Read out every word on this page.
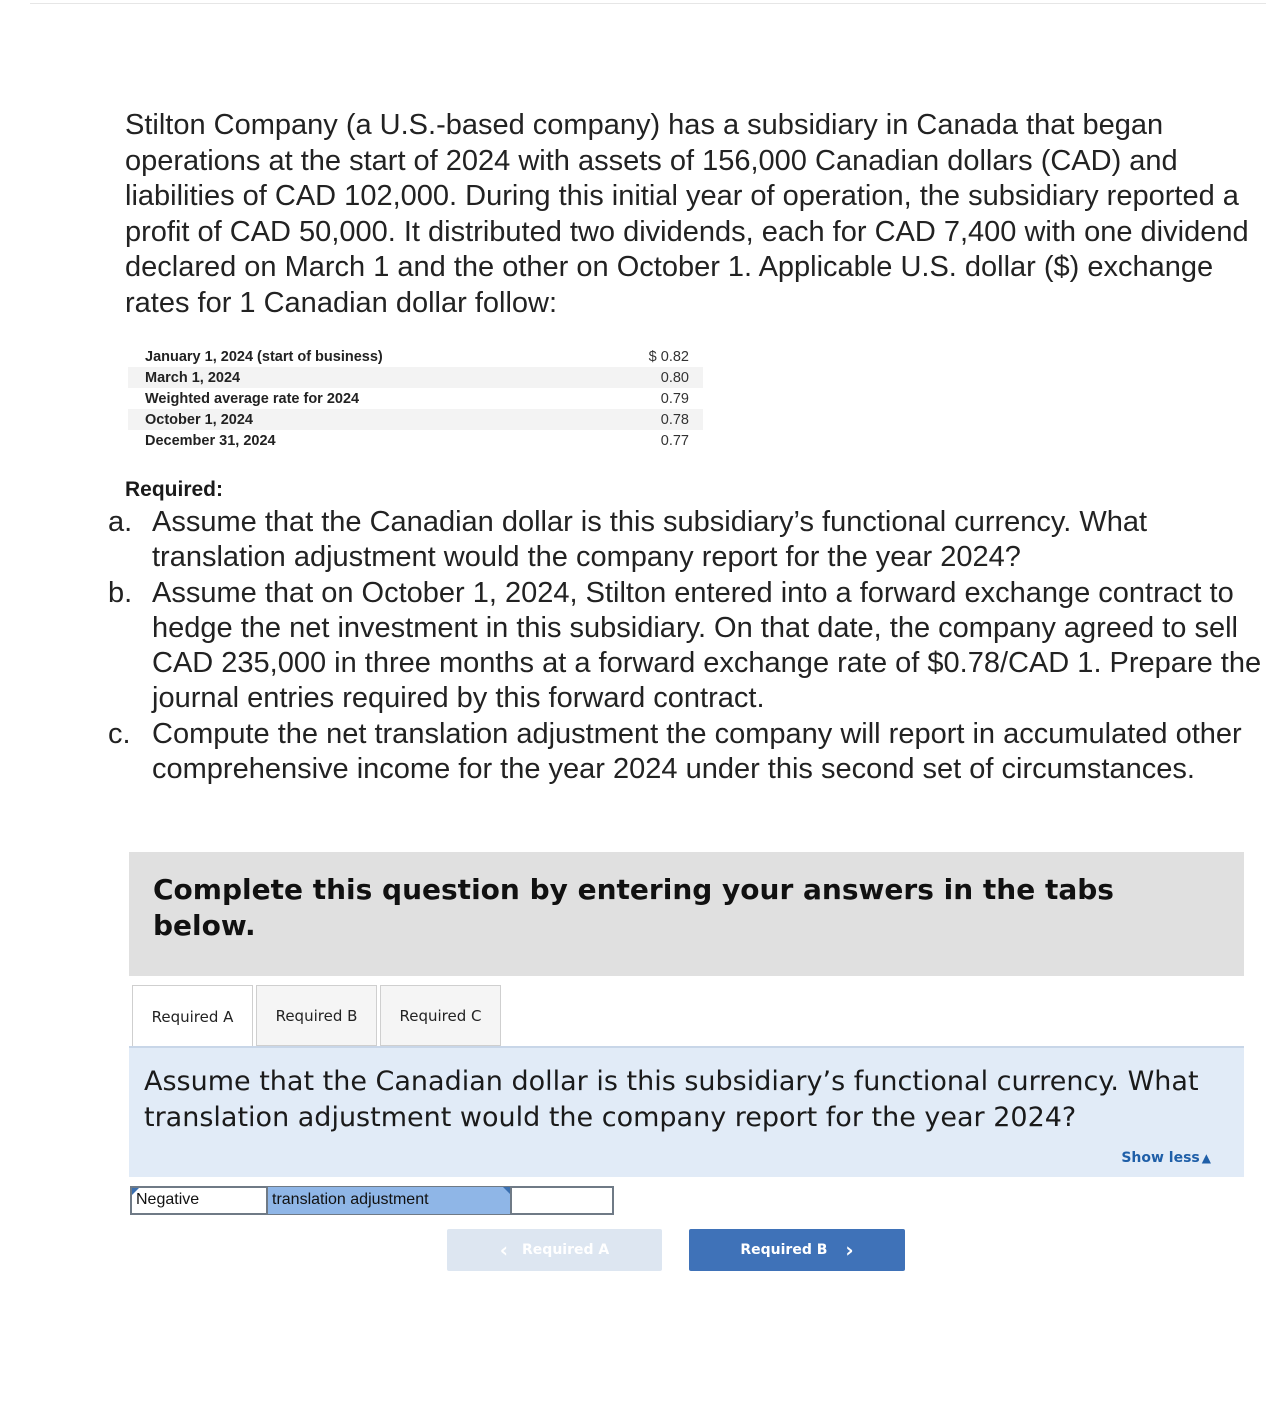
Stilton Company (a U.S.-based company) has a subsidiary in Canada that began operations at the start of 2024 with assets of 156,000 Canadian dollars (CAD) and liabilities of CAD 102,000. During this initial year of operation, the subsidiary reported a profit of CAD 50,000. It distributed two dividends, each for CAD 7,400 with one dividend declared on March 1 and the other on October 1. Applicable U.S. dollar ($) exchange rates for 1 Canadian dollar follow:

January 1, 2024 (start of business)	$ 0.82
March 1, 2024	0.80
Weighted average rate for 2024	0.79
October 1, 2024	0.78
December 31, 2024	0.77

Required:

a. Assume that the Canadian dollar is this subsidiary’s functional currency. What translation adjustment would the company report for the year 2024?
b. Assume that on October 1, 2024, Stilton entered into a forward exchange contract to hedge the net investment in this subsidiary. On that date, the company agreed to sell CAD 235,000 in three months at a forward exchange rate of $0.78/CAD 1. Prepare the journal entries required by this forward contract.
c. Compute the net translation adjustment the company will report in accumulated other comprehensive income for the year 2024 under this second set of circumstances.

Complete this question by entering your answers in the tabs below.

Required A	Required B	Required C

Assume that the Canadian dollar is this subsidiary’s functional currency. What translation adjustment would the company report for the year 2024?

Show less ▲
Negative	translation adjustment
‹ Required A	Required B ›
